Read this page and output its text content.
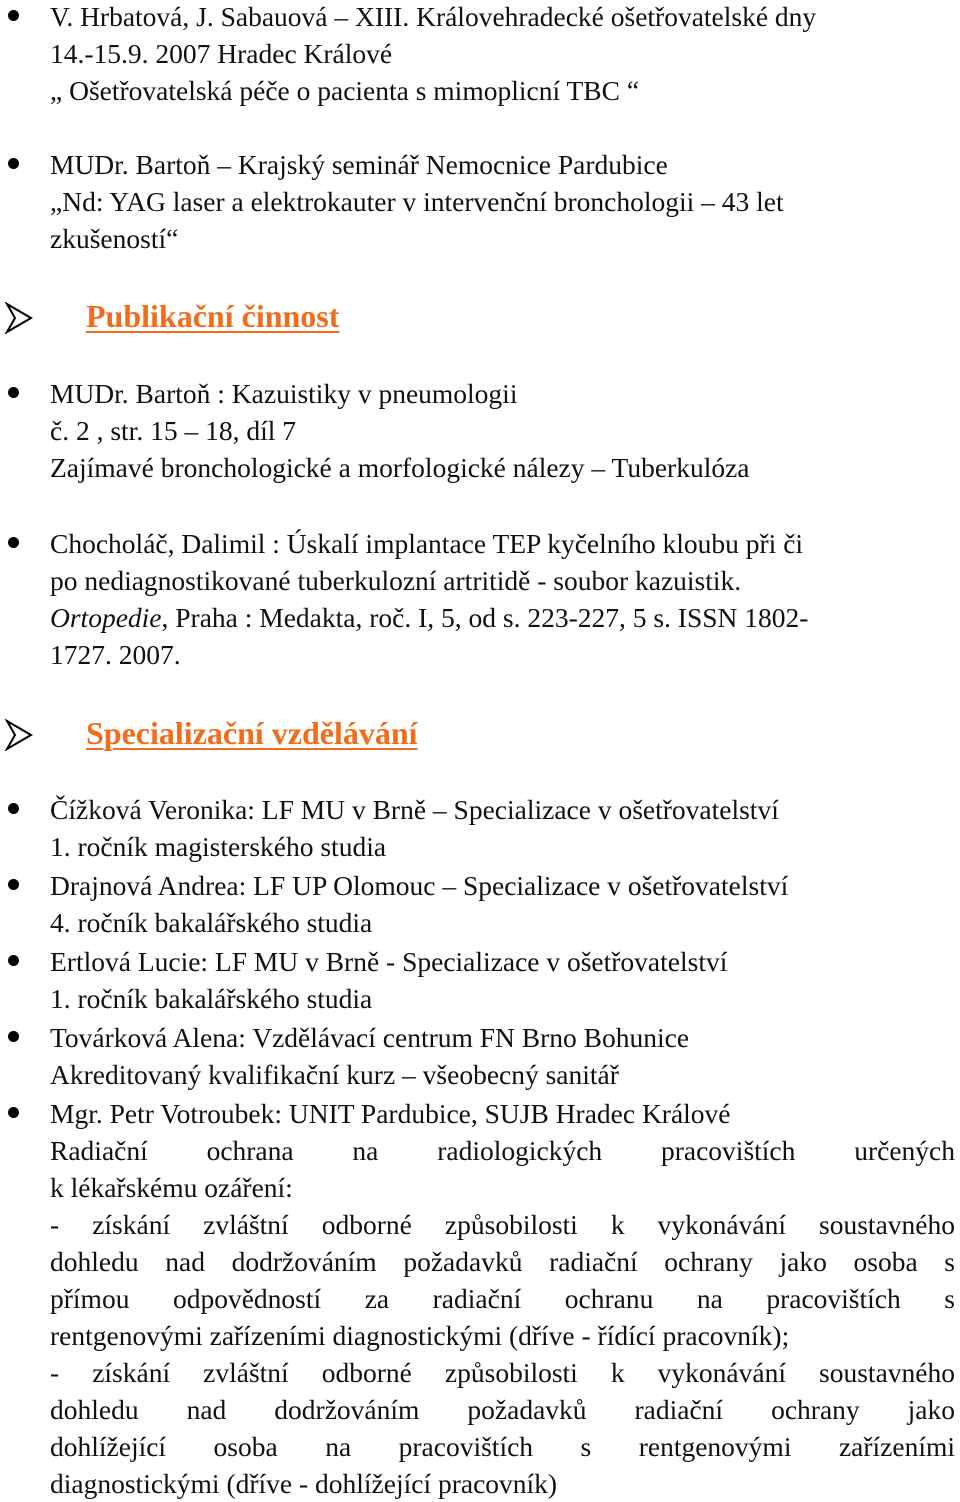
V. Hrbatová, J. Sabauová – XIII. Královehradecké ošetřovatelské dny
14.-15.9. 2007 Hradec Králové
„ Ošetřovatelská péče o pacienta s mimoplicní TBC “
MUDr. Bartoň – Krajský seminář Nemocnice Pardubice
„Nd: YAG laser a elektrokauter v intervenční bronchologii – 43 let
zkušeností“
Publikační činnost
MUDr. Bartoň : Kazuistiky v pneumologii
č. 2 , str. 15 – 18, díl 7
Zajímavé bronchologické a morfologické nálezy – Tuberkulóza
Chocholáč, Dalimil : Úskalí implantace TEP kyčelního kloubu při či
po nediagnostikované tuberkulozní artritidě - soubor kazuistik.
Ortopedie, Praha : Medakta, roč. I, 5, od s. 223-227, 5 s. ISSN 1802-
1727. 2007.
Specializační vzdělávání
Čížková Veronika: LF MU v Brně – Specializace v ošetřovatelství
1. ročník magisterského studia
Drajnová Andrea: LF UP Olomouc – Specializace v ošetřovatelství
4. ročník bakalářského studia
Ertlová Lucie: LF MU v Brně - Specializace v ošetřovatelství
1. ročník bakalářského studia
Továrková Alena: Vzdělávací centrum FN Brno Bohunice
Akreditovaný kvalifikační kurz – všeobecný sanitář
Mgr. Petr Votroubek: UNIT Pardubice, SUJB Hradec Králové
Radiační ochrana na radiologických pracovištích určených
k lékařskému ozáření:
- získání zvláštní odborné způsobilosti k vykonávání soustavného
dohledu nad dodržováním požadavků radiační ochrany jako osoba s
přímou odpovědností za radiační ochranu na pracovištích s
rentgenovými zařízeními diagnostickými (dříve - řídící pracovník);
- získání zvláštní odborné způsobilosti k vykonávání soustavného
dohledu nad dodržováním požadavků radiační ochrany jako
dohlížející osoba na pracovištích s rentgenovými zařízeními
diagnostickými (dříve - dohlížející pracovník)
